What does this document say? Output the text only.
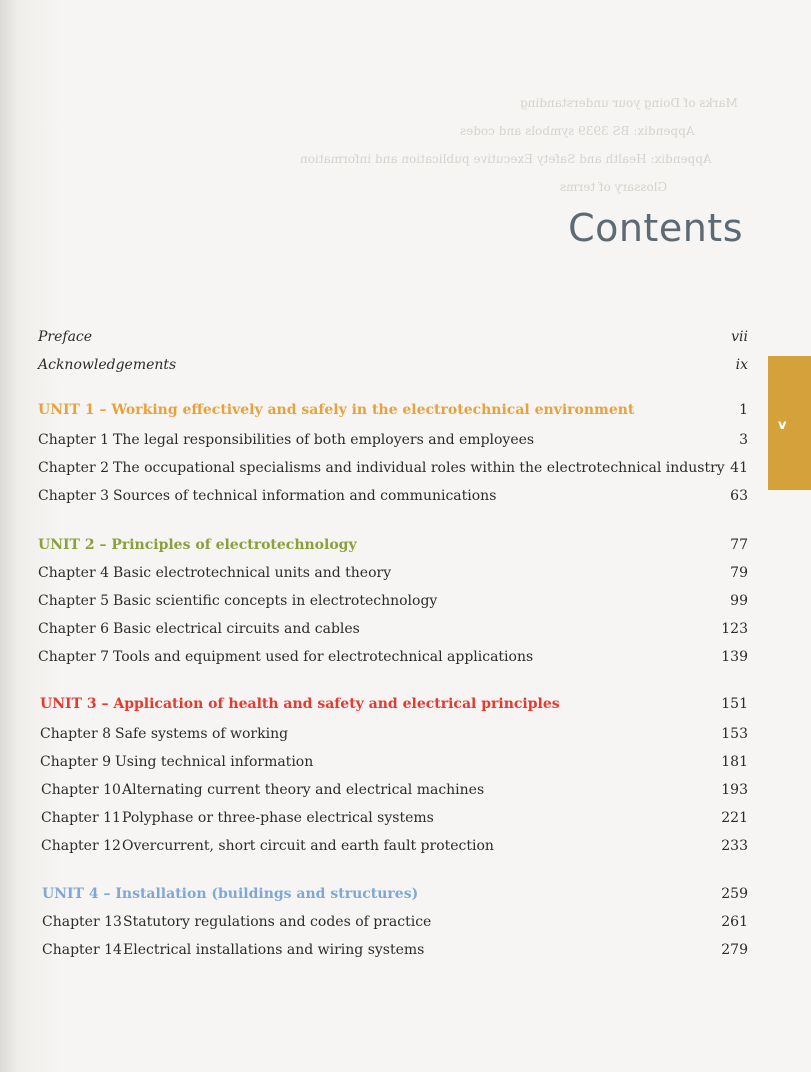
Marks of Doing your understanding
Appendix: BS 3939 symbols and codes
Appendix: Health and Safety Executive publication and information
Glossary of terms
Contents
v
Preface	vii
Acknowledgements	ix
UNIT 1 – Working effectively and safely in the electrotechnical environment	1
Chapter 1 The legal responsibilities of both employers and employees	3
Chapter 2 The occupational specialisms and individual roles within the electrotechnical industry 41
Chapter 3 Sources of technical information and communications	63
UNIT 2 – Principles of electrotechnology	77
Chapter 4 Basic electrotechnical units and theory	79
Chapter 5 Basic scientific concepts in electrotechnology	99
Chapter 6 Basic electrical circuits and cables	123
Chapter 7 Tools and equipment used for electrotechnical applications	139
UNIT 3 – Application of health and safety and electrical principles	151
Chapter 8 Safe systems of working	153
Chapter 9 Using technical information	181
Chapter 10 Alternating current theory and electrical machines	193
Chapter 11 Polyphase or three-phase electrical systems	221
Chapter 12 Overcurrent, short circuit and earth fault protection	233
UNIT 4 – Installation (buildings and structures)	259
Chapter 13 Statutory regulations and codes of practice	261
Chapter 14 Electrical installations and wiring systems	279
